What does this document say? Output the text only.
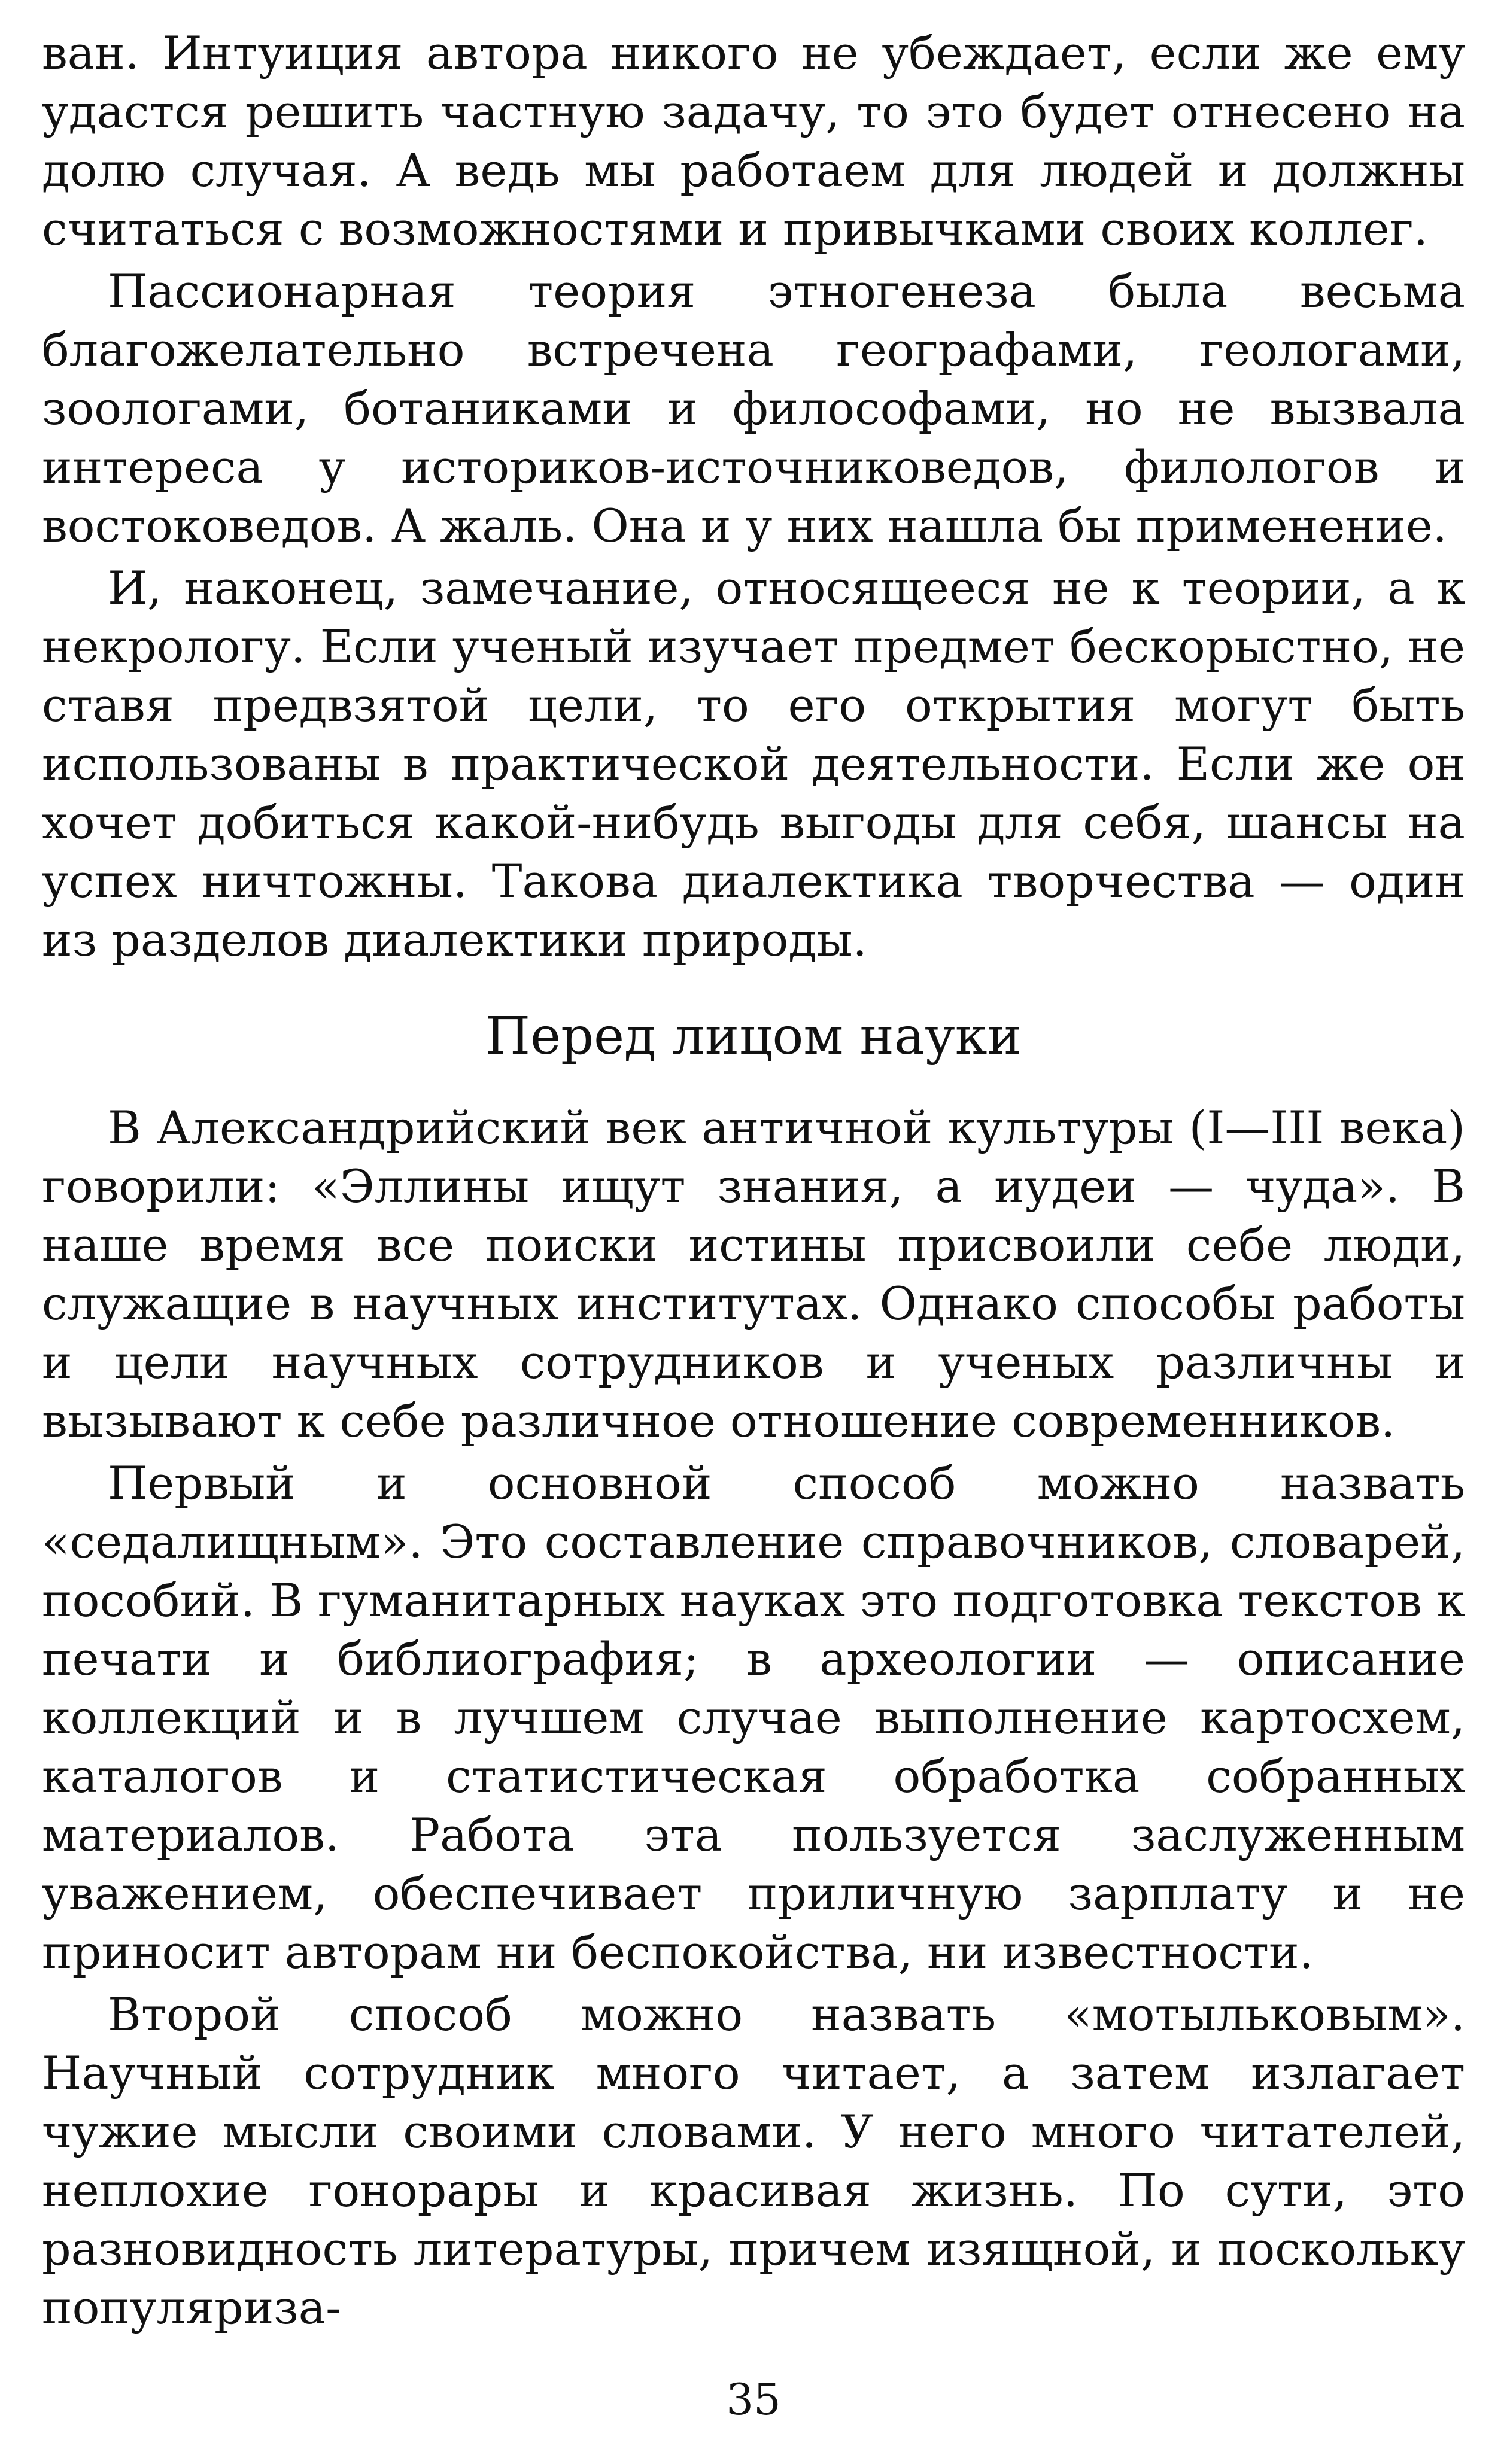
ван. Интуиция автора никого не убеждает, если же ему удастся решить частную задачу, то это будет отнесено на долю случая. А ведь мы работаем для людей и должны считаться с возможностями и привычками своих коллег.

Пассионарная теория этногенеза была весьма благожелательно встречена географами, геологами, зоологами, ботаниками и философами, но не вызвала интереса у историков-источниковедов, филологов и востоковедов. А жаль. Она и у них нашла бы применение.

И, наконец, замечание, относящееся не к теории, а к некрологу. Если ученый изучает предмет бескорыстно, не ставя предвзятой цели, то его открытия могут быть использованы в практической деятельности. Если же он хочет добиться какой-нибудь выгоды для себя, шансы на успех ничтожны. Такова диалектика творчества — один из разделов диалектики природы.

Перед лицом науки

В Александрийский век античной культуры (I—III века) говорили: «Эллины ищут знания, а иудеи — чуда». В наше время все поиски истины присвоили себе люди, служащие в научных институтах. Однако способы работы и цели научных сотрудников и ученых различны и вызывают к себе различное отношение современников.

Первый и основной способ можно назвать «седалищным». Это составление справочников, словарей, пособий. В гуманитарных науках это подготовка текстов к печати и библиография; в археологии — описание коллекций и в лучшем случае выполнение картосхем, каталогов и статистическая обработка собранных материалов. Работа эта пользуется заслуженным уважением, обеспечивает приличную зарплату и не приносит авторам ни беспокойства, ни известности.

Второй способ можно назвать «мотыльковым». Научный сотрудник много читает, а затем излагает чужие мысли своими словами. У него много читателей, неплохие гонорары и красивая жизнь. По сути, это разновидность литературы, причем изящной, и поскольку популяриза-

35
